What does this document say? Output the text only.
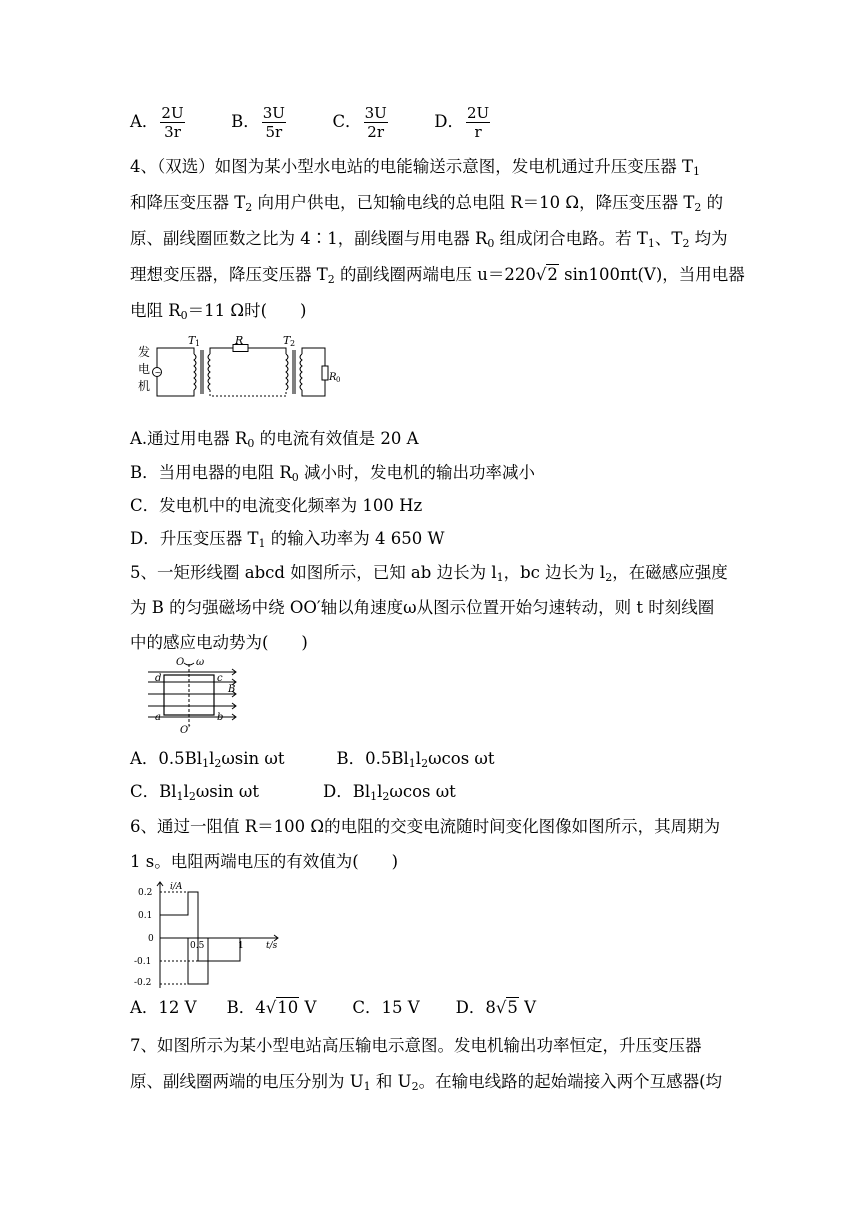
A． $\frac{2U}{3r}$	B． $\frac{3U}{5r}$	C． $\frac{3U}{2r}$	D． $\frac{2U}{r}$
4、（双选）如图为某小型水电站的电能输送示意图，发电机通过升压变压器 $T_1$
和降压变压器 $T_2$ 向用户供电，已知输电线的总电阻 R＝10 Ω，降压变压器 $T_2$ 的
原、副线圈匝数之比为 4∶1，副线圈与用电器 $R_0$ 组成闭合电路。若 $T_1$、$T_2$ 均为
理想变压器，降压变压器 $T_2$ 的副线圈两端电压 u＝220√2 sin100πt(V)，当用电器
电阻 $R_0=11$ Ω时(　　)
发
电
机
T 1	R	T 2
R 0
~
A.通过用电器 $R_0$ 的电流有效值是 20 A
B．当用电器的电阻 $R_0$ 减小时，发电机的输出功率减小
C．发电机中的电流变化频率为 100 Hz
D．升压变压器 $T_1$ 的输入功率为 4 650 W
5、一矩形线圈 abcd 如图所示，已知 ab 边长为 $l_1$，bc 边长为 $l_2$，在磁感应强度
为 B 的匀强磁场中绕 OO′轴以角速度ω从图示位置开始匀速转动，则 t 时刻线圈
中的感应电动势为(　　)
O ω
d	c
B
a	b
O′
A．$0.5Bl_1l_2\omega\sin$ ωt	B．$0.5Bl_1l_2\omega\cos$ ωt
C．$Bl_1l_2\omega\sin$ ωt	D．$Bl_1l_2\omega\cos$ ωt
6、通过一阻值 R＝100 Ω的电阻的交变电流随时间变化图像如图所示，其周期为
1 s。电阻两端电压的有效值为(　　)
0.2
0.1
0
-0.1
-0.2
i/A
t/s
0.5	1
A．12 V B．4√10 V C．15 V D．8√5 V
7、如图所示为某小型电站高压输电示意图。发电机输出功率恒定，升压变压器
原、副线圈两端的电压分别为 $U_1$ 和 $U_2$。在输电线路的起始端接入两个互感器(均
